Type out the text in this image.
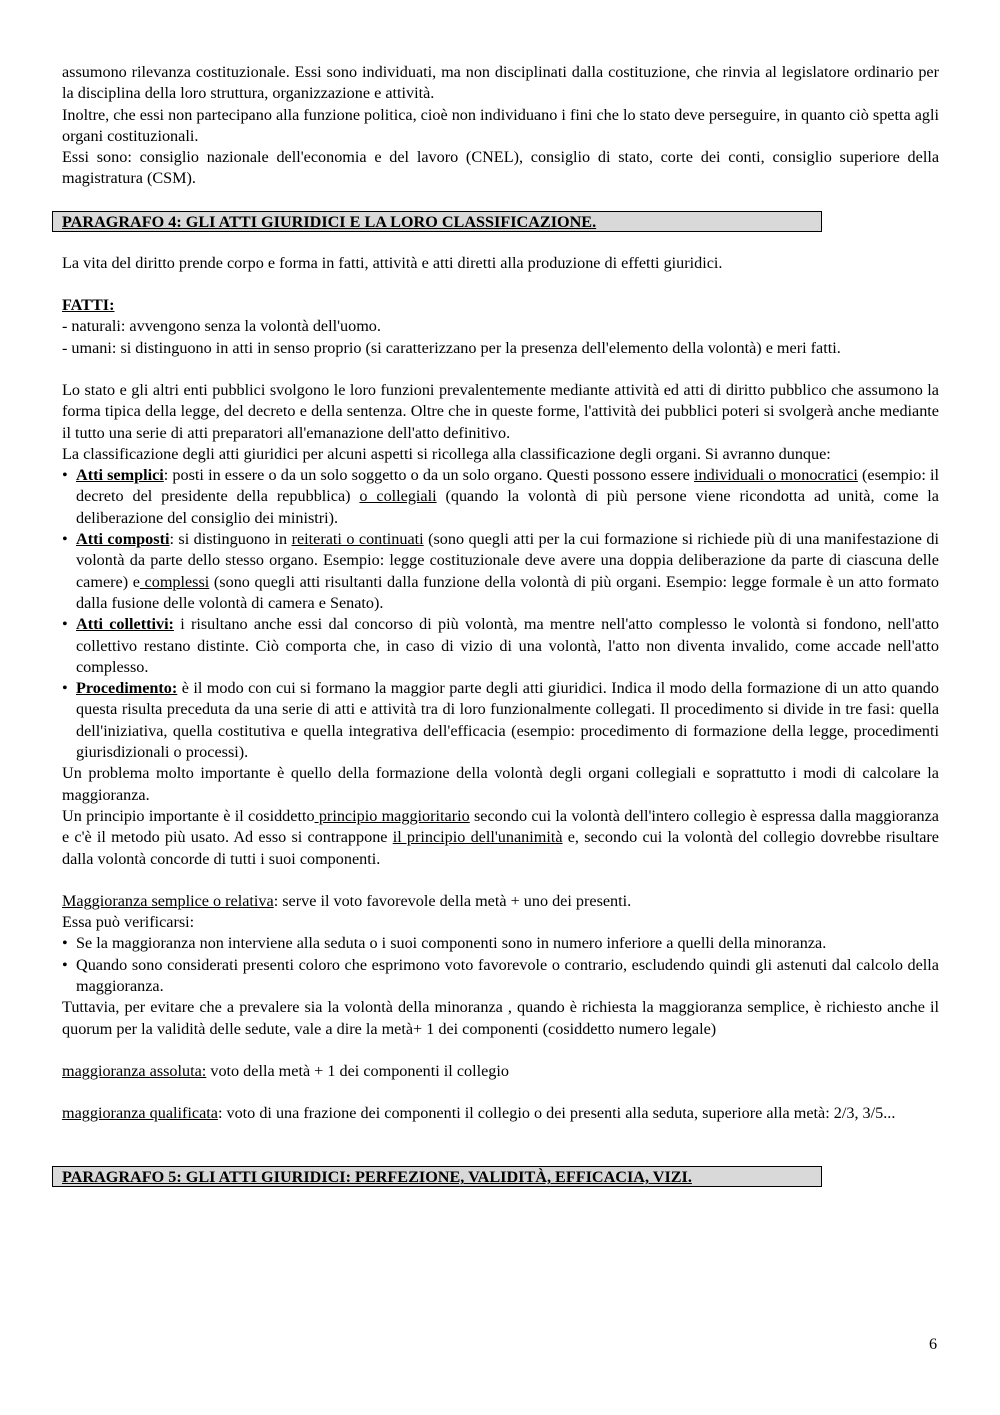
assumono rilevanza costituzionale. Essi sono individuati, ma non disciplinati dalla costituzione, che rinvia al legislatore ordinario per la disciplina della loro struttura, organizzazione e attività.

Inoltre, che essi non partecipano alla funzione politica, cioè non individuano i fini che lo stato deve perseguire, in quanto ciò spetta agli organi costituzionali.

Essi sono: consiglio nazionale dell'economia e del lavoro (CNEL), consiglio di stato, corte dei conti, consiglio superiore della magistratura (CSM).

PARAGRAFO 4: GLI ATTI GIURIDICI E LA LORO CLASSIFICAZIONE.

La vita del diritto prende corpo e forma in fatti, attività e atti diretti alla produzione di effetti giuridici.

FATTI:

- naturali: avvengono senza la volontà dell'uomo.

- umani: si distinguono in atti in senso proprio (si caratterizzano per la presenza dell'elemento della volontà) e meri fatti.

Lo stato e gli altri enti pubblici svolgono le loro funzioni prevalentemente mediante attività ed atti di diritto pubblico che assumono la forma tipica della legge, del decreto e della sentenza. Oltre che in queste forme, l'attività dei pubblici poteri si svolgerà anche mediante il tutto una serie di atti preparatori all'emanazione dell'atto definitivo.

La classificazione degli atti giuridici per alcuni aspetti si ricollega alla classificazione degli organi. Si avranno dunque:

• Atti semplici: posti in essere o da un solo soggetto o da un solo organo. Questi possono essere individuali o monocratici (esempio: il decreto del presidente della repubblica) o collegiali (quando la volontà di più persone viene ricondotta ad unità, come la deliberazione del consiglio dei ministri).
• Atti composti: si distinguono in reiterati o continuati (sono quegli atti per la cui formazione si richiede più di una manifestazione di volontà da parte dello stesso organo. Esempio: legge costituzionale deve avere una doppia deliberazione da parte di ciascuna delle camere) e complessi (sono quegli atti risultanti dalla funzione della volontà di più organi. Esempio: legge formale è un atto formato dalla fusione delle volontà di camera e Senato).
• Atti collettivi: i risultano anche essi dal concorso di più volontà, ma mentre nell'atto complesso le volontà si fondono, nell'atto collettivo restano distinte. Ciò comporta che, in caso di vizio di una volontà, l'atto non diventa invalido, come accade nell'atto complesso.
• Procedimento: è il modo con cui si formano la maggior parte degli atti giuridici. Indica il modo della formazione di un atto quando questa risulta preceduta da una serie di atti e attività tra di loro funzionalmente collegati. Il procedimento si divide in tre fasi: quella dell'iniziativa, quella costitutiva e quella integrativa dell'efficacia (esempio: procedimento di formazione della legge, procedimenti giurisdizionali o processi).

Un problema molto importante è quello della formazione della volontà degli organi collegiali e soprattutto i modi di calcolare la maggioranza.

Un principio importante è il cosiddetto principio maggioritario secondo cui la volontà dell'intero collegio è espressa dalla maggioranza e c'è il metodo più usato. Ad esso si contrappone il principio dell'unanimità e, secondo cui la volontà del collegio dovrebbe risultare dalla volontà concorde di tutti i suoi componenti.

Maggioranza semplice o relativa: serve il voto favorevole della metà + uno dei presenti.

Essa può verificarsi:

• Se la maggioranza non interviene alla seduta o i suoi componenti sono in numero inferiore a quelli della minoranza.
• Quando sono considerati presenti coloro che esprimono voto favorevole o contrario, escludendo quindi gli astenuti dal calcolo della maggioranza.

Tuttavia, per evitare che a prevalere sia la volontà della minoranza , quando è richiesta la maggioranza semplice, è richiesto anche il quorum per la validità delle sedute, vale a dire la metà+ 1 dei componenti (cosiddetto numero legale)

maggioranza assoluta: voto della metà + 1 dei componenti il collegio

maggioranza qualificata: voto di una frazione dei componenti il collegio o dei presenti alla seduta, superiore alla metà: 2/3, 3/5...

PARAGRAFO 5: GLI ATTI GIURIDICI: PERFEZIONE, VALIDITÀ, EFFICACIA, VIZI.
6
